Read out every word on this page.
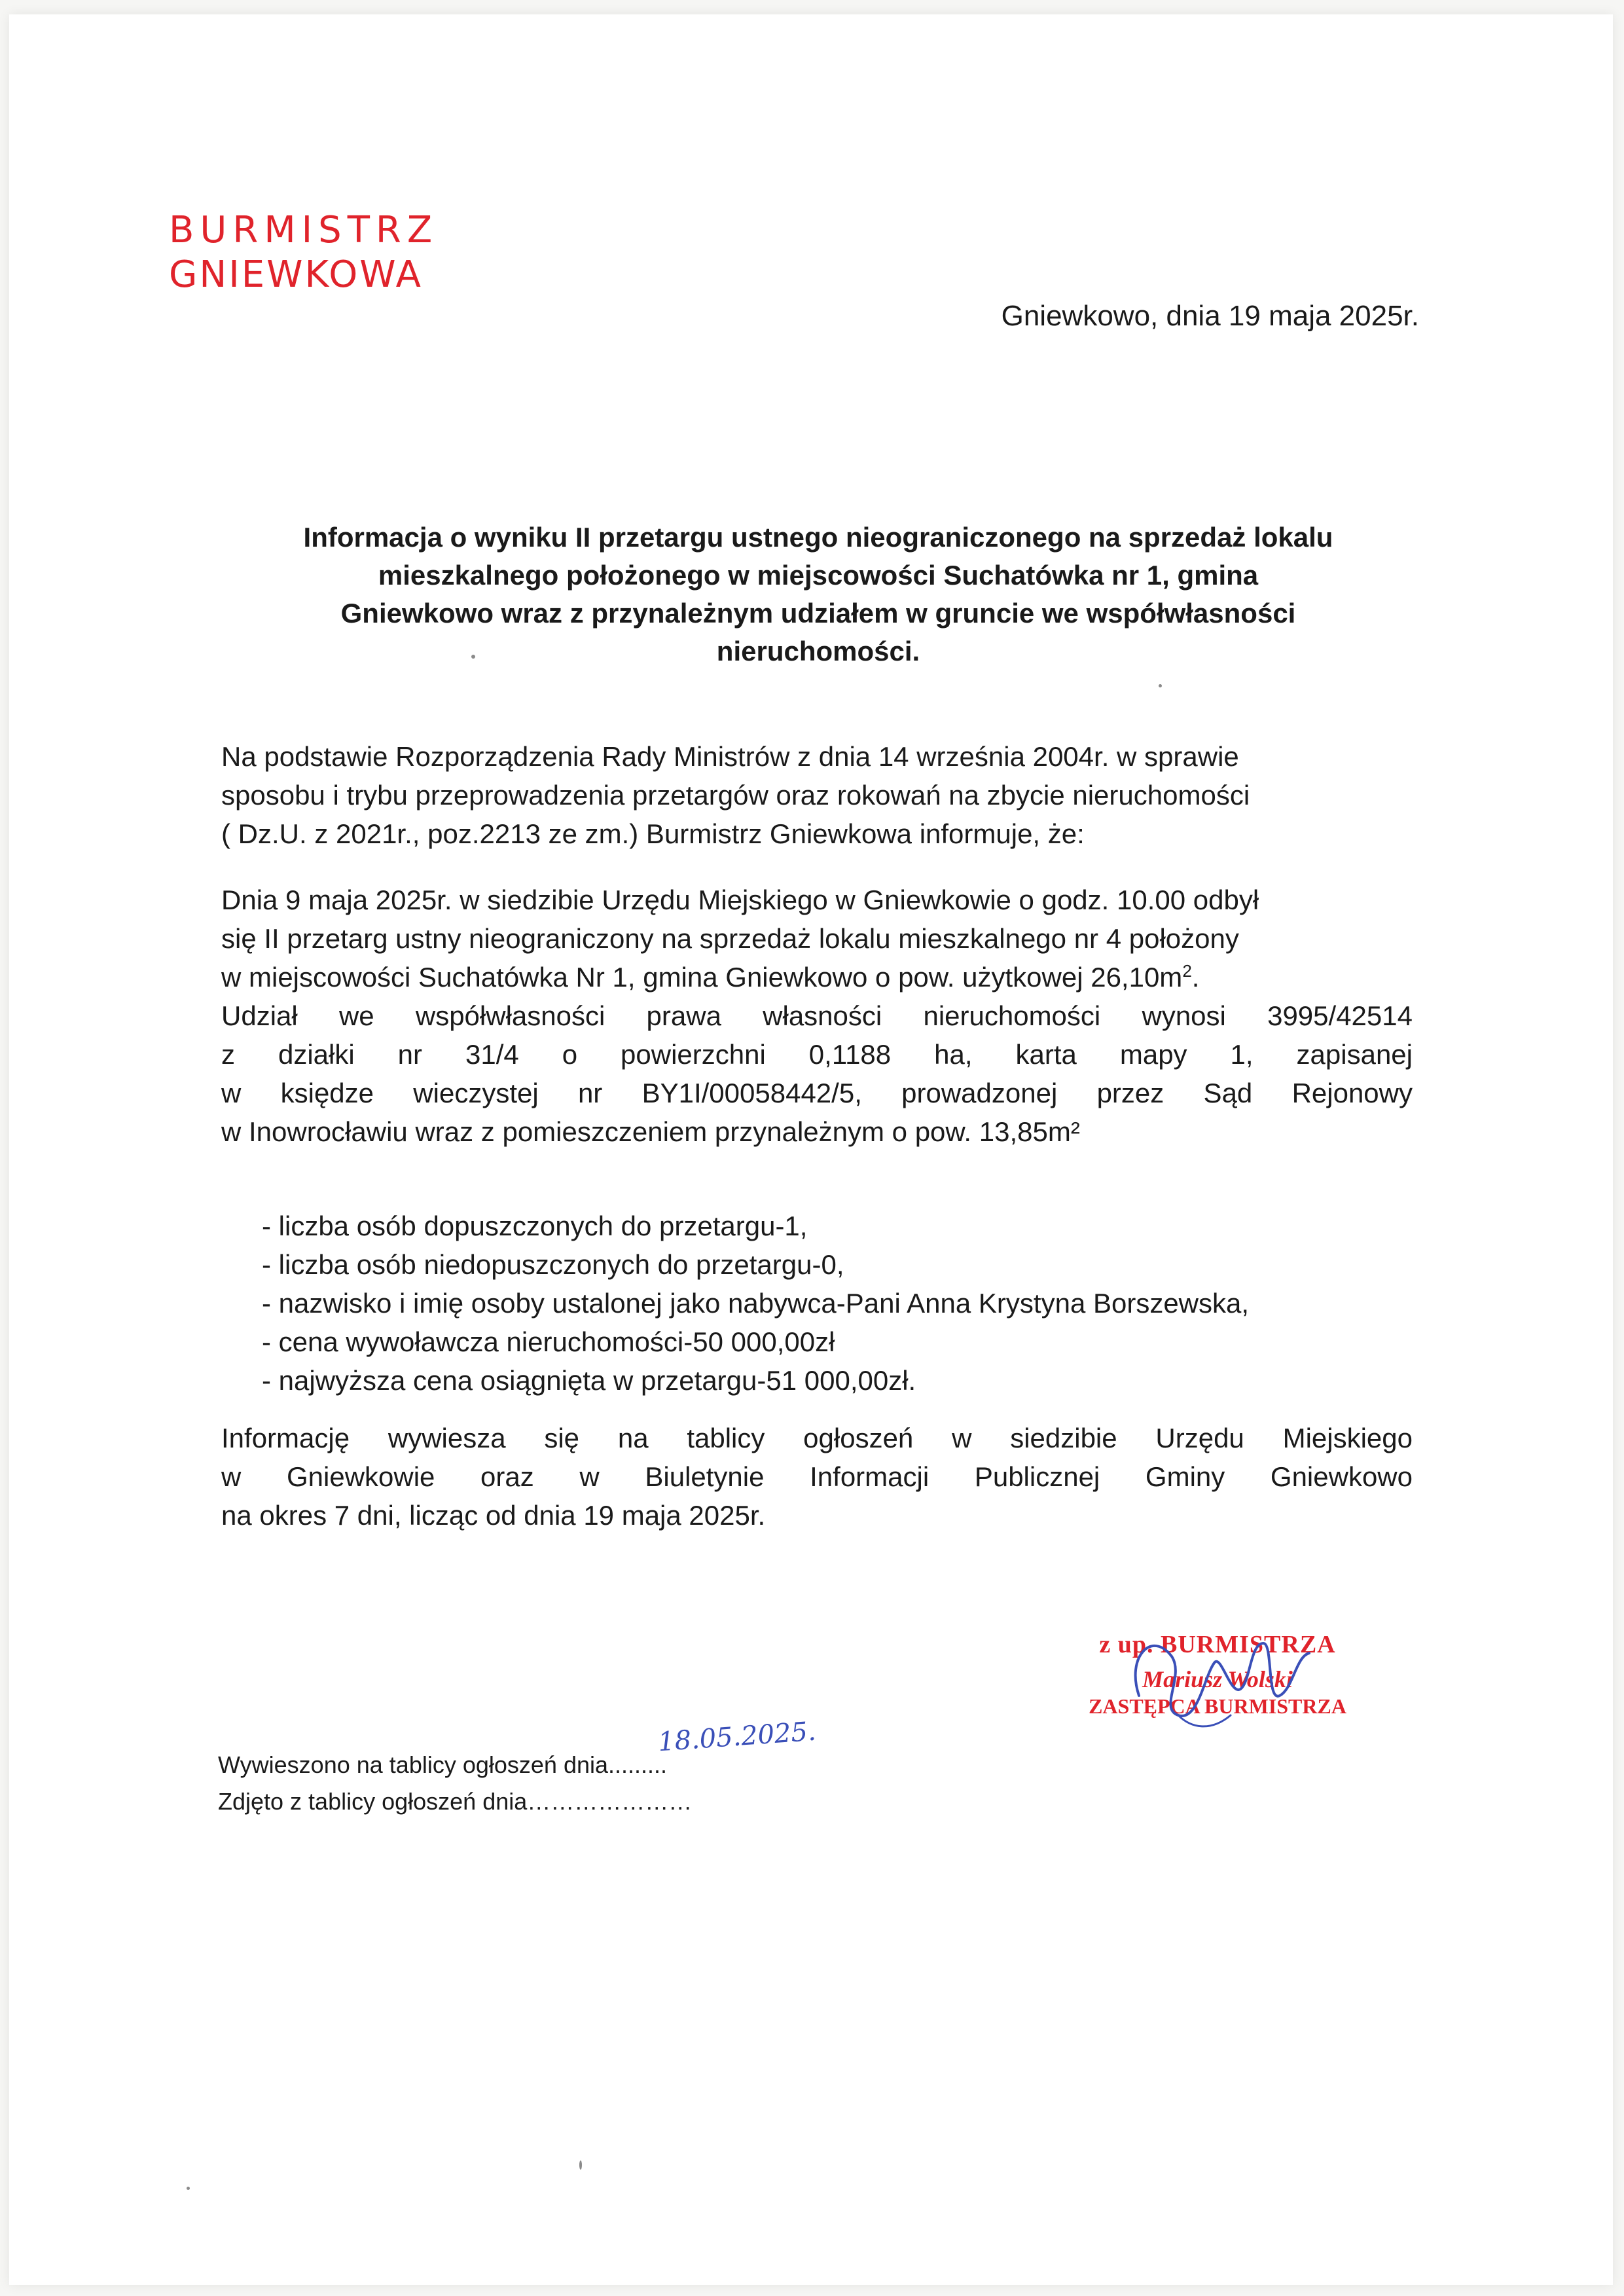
BURMISTRZ
GNIEWKOWA
Gniewkowo, dnia 19 maja 2025r.
Informacja o wyniku II przetargu ustnego nieograniczonego na sprzedaż lokalu
mieszkalnego położonego w miejscowości Suchatówka nr 1, gmina
Gniewkowo wraz z przynależnym udziałem w gruncie we współwłasności
nieruchomości.
Na podstawie Rozporządzenia Rady Ministrów z dnia 14 września 2004r. w sprawie
sposobu i trybu przeprowadzenia przetargów oraz rokowań na zbycie nieruchomości
( Dz.U. z 2021r., poz.2213 ze zm.) Burmistrz Gniewkowa informuje, że:
Dnia 9 maja 2025r. w siedzibie Urzędu Miejskiego w Gniewkowie o godz. 10.00 odbył
się II przetarg ustny nieograniczony na sprzedaż lokalu mieszkalnego nr 4 położony
w miejscowości Suchatówka Nr 1, gmina Gniewkowo o pow. użytkowej $26,10m^2$.
Udział we współwłasności prawa własności nieruchomości wynosi 3995/42514
z działki nr 31/4 o powierzchni 0,1188 ha, karta mapy 1, zapisanej
w księdze wieczystej nr BY1I/00058442/5, prowadzonej przez Sąd Rejonowy
w Inowrocławiu wraz z pomieszczeniem przynależnym o pow. 13,85m²
- liczba osób dopuszczonych do przetargu-1,
- liczba osób niedopuszczonych do przetargu-0,
- nazwisko i imię osoby ustalonej jako nabywca-Pani Anna Krystyna Borszewska,
- cena wywoławcza nieruchomości-50 000,00zł
- najwyższa cena osiągnięta w przetargu-51 000,00zł.
Informację wywiesza się na tablicy ogłoszeń w siedzibie Urzędu Miejskiego
w Gniewkowie oraz w Biuletynie Informacji Publicznej Gminy Gniewkowo
na okres 7 dni, licząc od dnia 19 maja 2025r.
z up. BURMISTRZA
Mariusz Wolski
ZASTĘPCA BURMISTRZA
Wywieszono na tablicy ogłoszeń dnia.........
Zdjęto z tablicy ogłoszeń dnia…………………
18.05.2025.
